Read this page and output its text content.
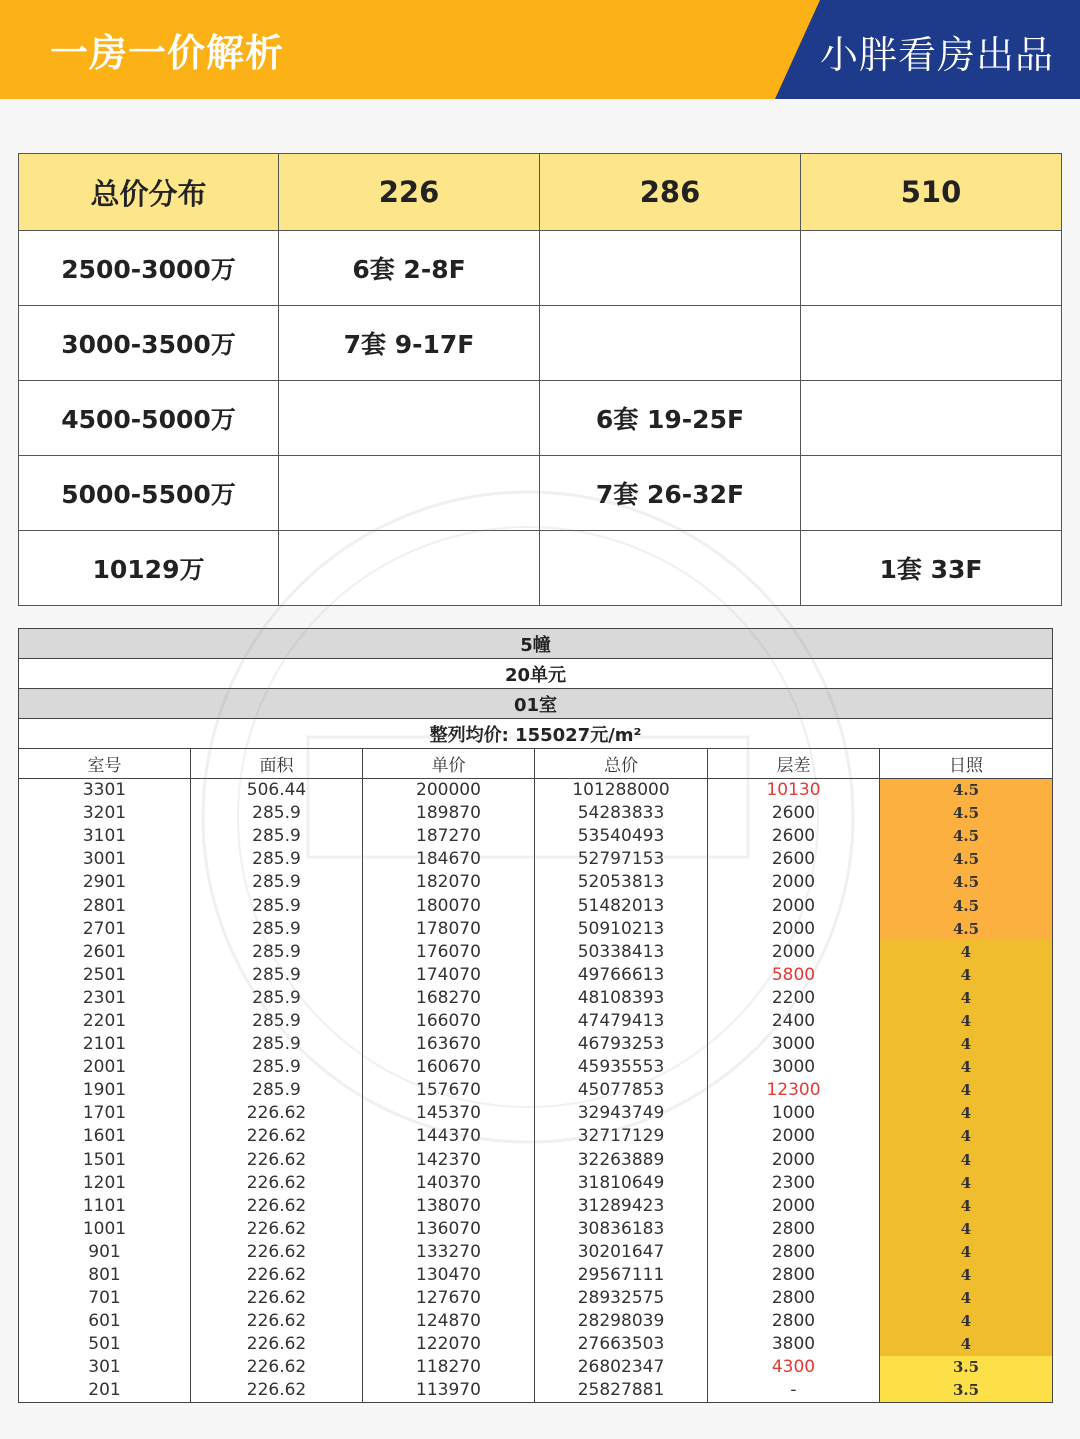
一房一价解析	小胖看房出品
总价分布	226	286	510
2500-3000万	6套 2-8F		
3000-3500万	7套 9-17F		
4500-5000万		6套 19-25F	
5000-5500万		7套 26-32F	
10129万			1套 33F
5幢					
20单元					
01室					
整列均价: 155027元/m²					
室号	面积	单价	总价	层差	日照
3301	506.44	200000	101288000	10130	4.5
3201	285.9	189870	54283833	2600	4.5
3101	285.9	187270	53540493	2600	4.5
3001	285.9	184670	52797153	2600	4.5
2901	285.9	182070	52053813	2000	4.5
2801	285.9	180070	51482013	2000	4.5
2701	285.9	178070	50910213	2000	4.5
2601	285.9	176070	50338413	2000	4
2501	285.9	174070	49766613	5800	4
2301	285.9	168270	48108393	2200	4
2201	285.9	166070	47479413	2400	4
2101	285.9	163670	46793253	3000	4
2001	285.9	160670	45935553	3000	4
1901	285.9	157670	45077853	12300	4
1701	226.62	145370	32943749	1000	4
1601	226.62	144370	32717129	2000	4
1501	226.62	142370	32263889	2000	4
1201	226.62	140370	31810649	2300	4
1101	226.62	138070	31289423	2000	4
1001	226.62	136070	30836183	2800	4
901	226.62	133270	30201647	2800	4
801	226.62	130470	29567111	2800	4
701	226.62	127670	28932575	2800	4
601	226.62	124870	28298039	2800	4
501	226.62	122070	27663503	3800	4
301	226.62	118270	26802347	4300	3.5
201	226.62	113970	25827881	-	3.5
